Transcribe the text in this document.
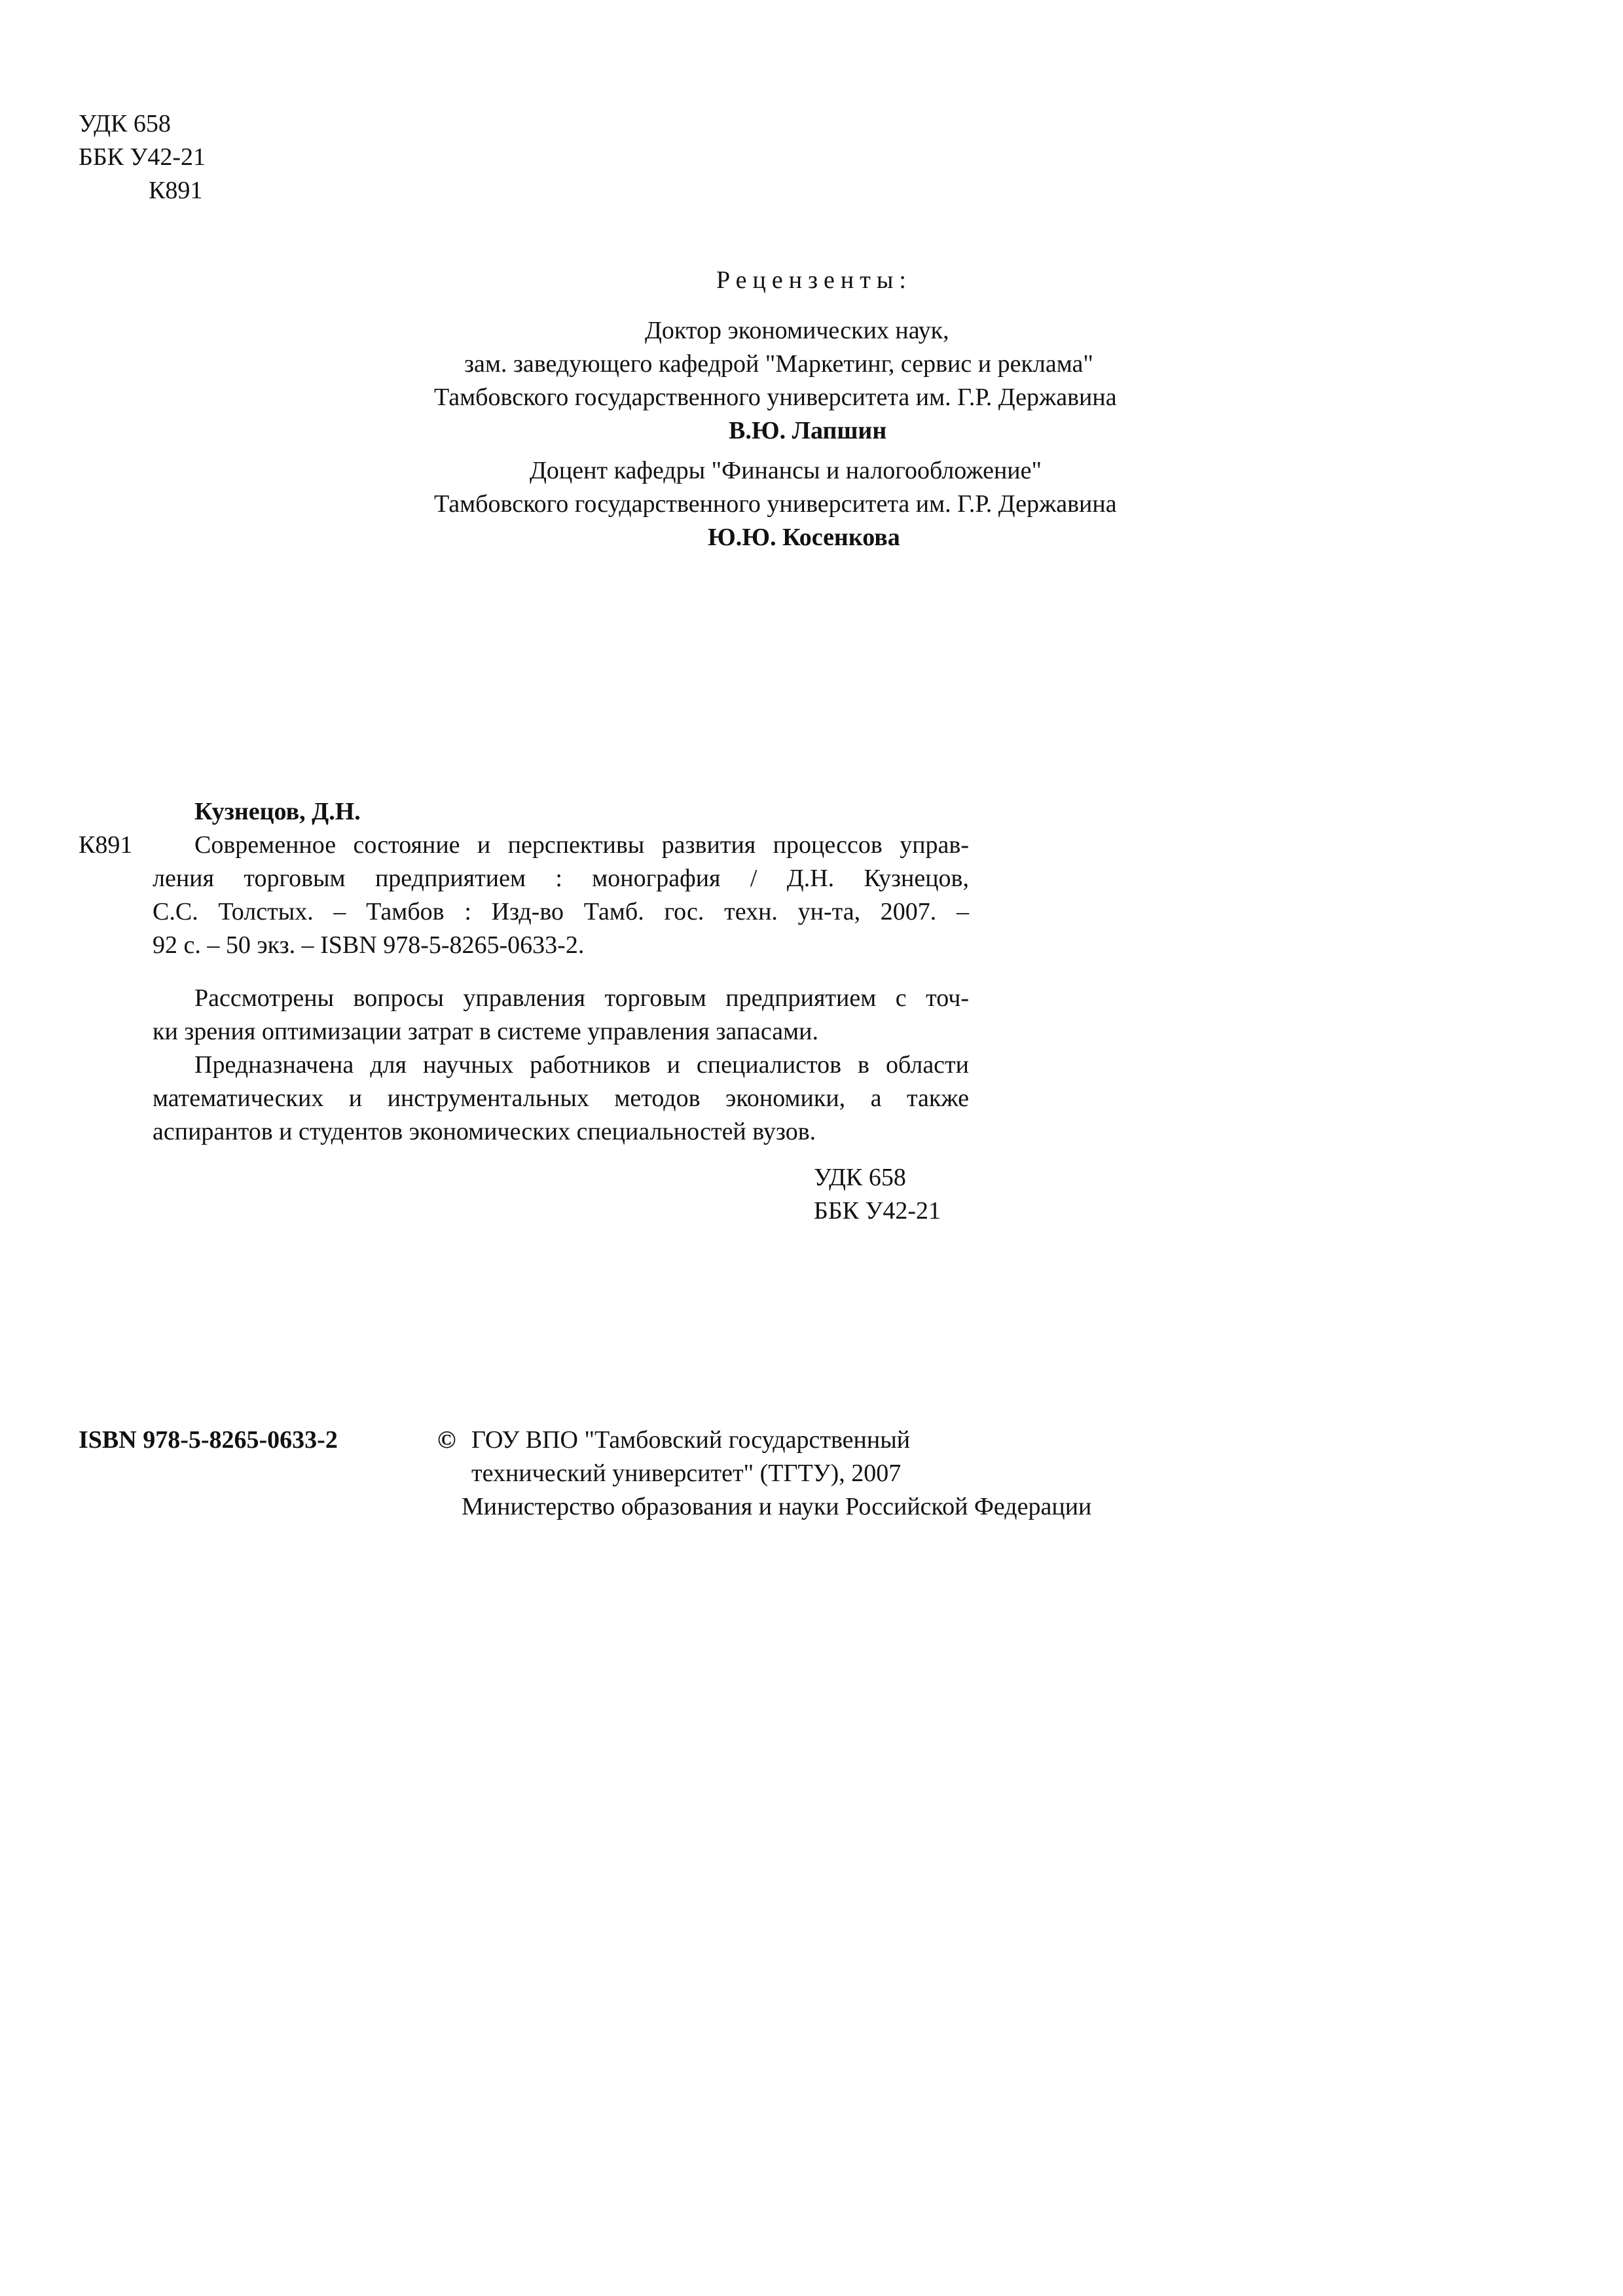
УДК 658
ББК У42-21
К891
Рецензенты:
Доктор экономических наук,
зам. заведующего кафедрой "Маркетинг, сервис и реклама"
Тамбовского государственного университета им. Г.Р. Державина
В.Ю. Лапшин
Доцент кафедры "Финансы и налогообложение"
Тамбовского государственного университета им. Г.Р. Державина
Ю.Ю. Косенкова
Кузнецов, Д.Н.
К891 Современное состояние и перспективы развития процессов управ-
ления торговым предприятием : монография / Д.Н. Кузнецов,
С.С. Толстых. – Тамбов : Изд-во Тамб. гос. техн. ун-та, 2007. –
92 с. – 50 экз. – ISBN 978-5-8265-0633-2.
Рассмотрены вопросы управления торговым предприятием с точ-
ки зрения оптимизации затрат в системе управления запасами.
Предназначена для научных работников и специалистов в области
математических и инструментальных методов экономики, а также
аспирантов и студентов экономических специальностей вузов.
УДК 658
ББК У42-21
ISBN 978-5-8265-0633-2	© ГОУ ВПО "Тамбовский государственный
технический университет" (ТГТУ), 2007
Министерство образования и науки Российской Федерации
